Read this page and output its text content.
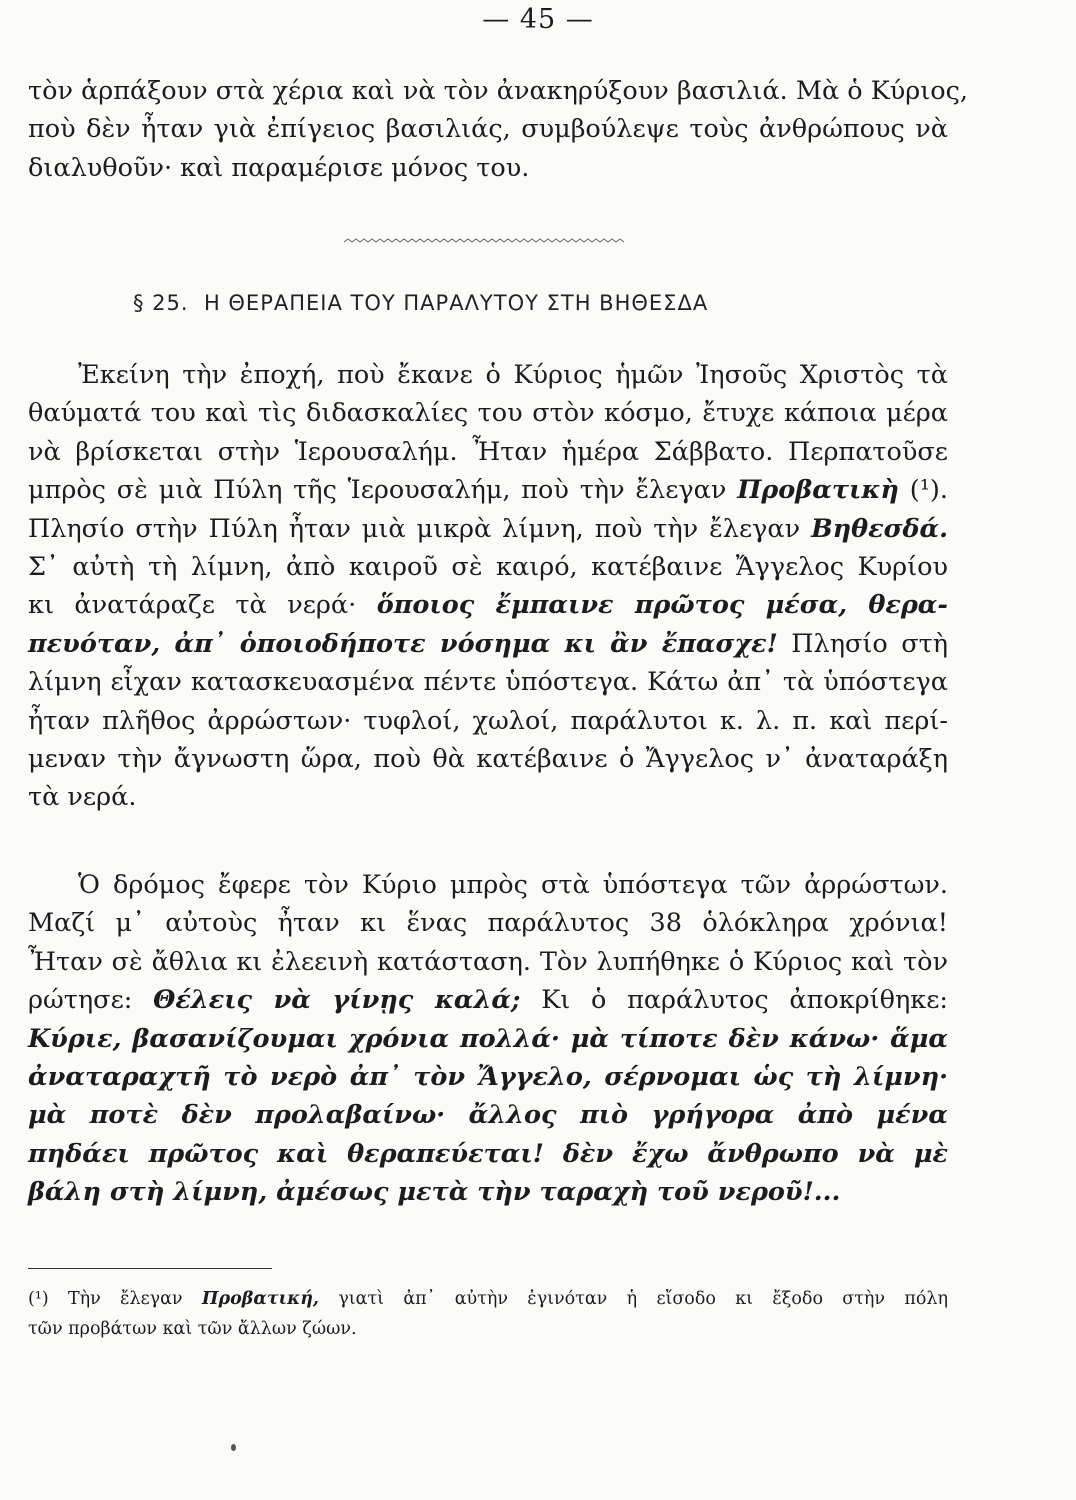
— 45 —
τὸν ἁρπάξουν στὰ χέρια καὶ νὰ τὸν ἀνακηρύξουν βασιλιά. Μὰ ὁ Κύριος,
ποὺ δὲν ἦταν γιὰ ἐπίγειος βασιλιάς, συμβούλεψε τοὺς ἀνθρώπους νὰ
διαλυθοῦν· καὶ παραμέρισε μόνος του.
§ 25. Η ΘΕΡΑΠΕΙΑ ΤΟΥ ΠΑΡΑΛΥΤΟΥ ΣΤΗ ΒΗΘΕΣΔΑ
Ἐκείνη τὴν ἐποχή, ποὺ ἔκανε ὁ Κύριος ἡμῶν Ἰησοῦς Χριστὸς τὰ
θαύματά του καὶ τὶς διδασκαλίες του στὸν κόσμο, ἔτυχε κάποια μέρα
νὰ βρίσκεται στὴν Ἱερουσαλήμ. Ἦταν ἡμέρα Σάββατο. Περπατοῦσε
μπρὸς σὲ μιὰ Πύλη τῆς Ἱερουσαλήμ, ποὺ τὴν ἔλεγαν Προβατικὴ (¹).
Πλησίο στὴν Πύλη ἦταν μιὰ μικρὰ λίμνη, ποὺ τὴν ἔλεγαν Βηθεσδά.
Σ᾿ αὐτὴ τὴ λίμνη, ἀπὸ καιροῦ σὲ καιρό, κατέβαινε Ἄγγελος Κυρίου
κι ἀνατάραζε τὰ νερά· ὅποιος ἔμπαινε πρῶτος μέσα, θερα-
πευόταν, ἀπ᾿ ὁποιοδήποτε νόσημα κι ἂν ἔπασχε! Πλησίο στὴ
λίμνη εἶχαν κατασκευασμένα πέντε ὑπόστεγα. Κάτω ἀπ᾿ τὰ ὑπόστεγα
ἦταν πλῆθος ἀρρώστων· τυφλοί, χωλοί, παράλυτοι κ. λ. π. καὶ περί-
μεναν τὴν ἄγνωστη ὥρα, ποὺ θὰ κατέβαινε ὁ Ἄγγελος ν᾿ ἀναταράξη
τὰ νερά.
Ὁ δρόμος ἔφερε τὸν Κύριο μπρὸς στὰ ὑπόστεγα τῶν ἀρρώστων.
Μαζί μ᾿ αὐτοὺς ἦταν κι ἕνας παράλυτος 38 ὁλόκληρα χρόνια!
Ἦταν σὲ ἄθλια κι ἐλεεινὴ κατάσταση. Τὸν λυπήθηκε ὁ Κύριος καὶ τὸν
ρώτησε: Θέλεις νὰ γίνῃς καλά; Κι ὁ παράλυτος ἀποκρίθηκε:
Κύριε, βασανίζουμαι χρόνια πολλά· μὰ τίποτε δὲν κάνω· ἅμα
ἀναταραχτῆ τὸ νερὸ ἀπ᾿ τὸν Ἄγγελο, σέρνομαι ὡς τὴ λίμνη·
μὰ ποτὲ δὲν προλαβαίνω· ἄλλος πιὸ γρήγορα ἀπὸ μένα
πηδάει πρῶτος καὶ θεραπεύεται! δὲν ἔχω ἄνθρωπο νὰ μὲ
βάλη στὴ λίμνη, ἀμέσως μετὰ τὴν ταραχὴ τοῦ νεροῦ!...
(¹) Τὴν ἔλεγαν Προβατική, γιατὶ ἀπ᾿ αὐτὴν ἐγινόταν ἡ εἴσοδο κι ἔξοδο στὴν πόλη
τῶν προβάτων καὶ τῶν ἄλλων ζώων.
